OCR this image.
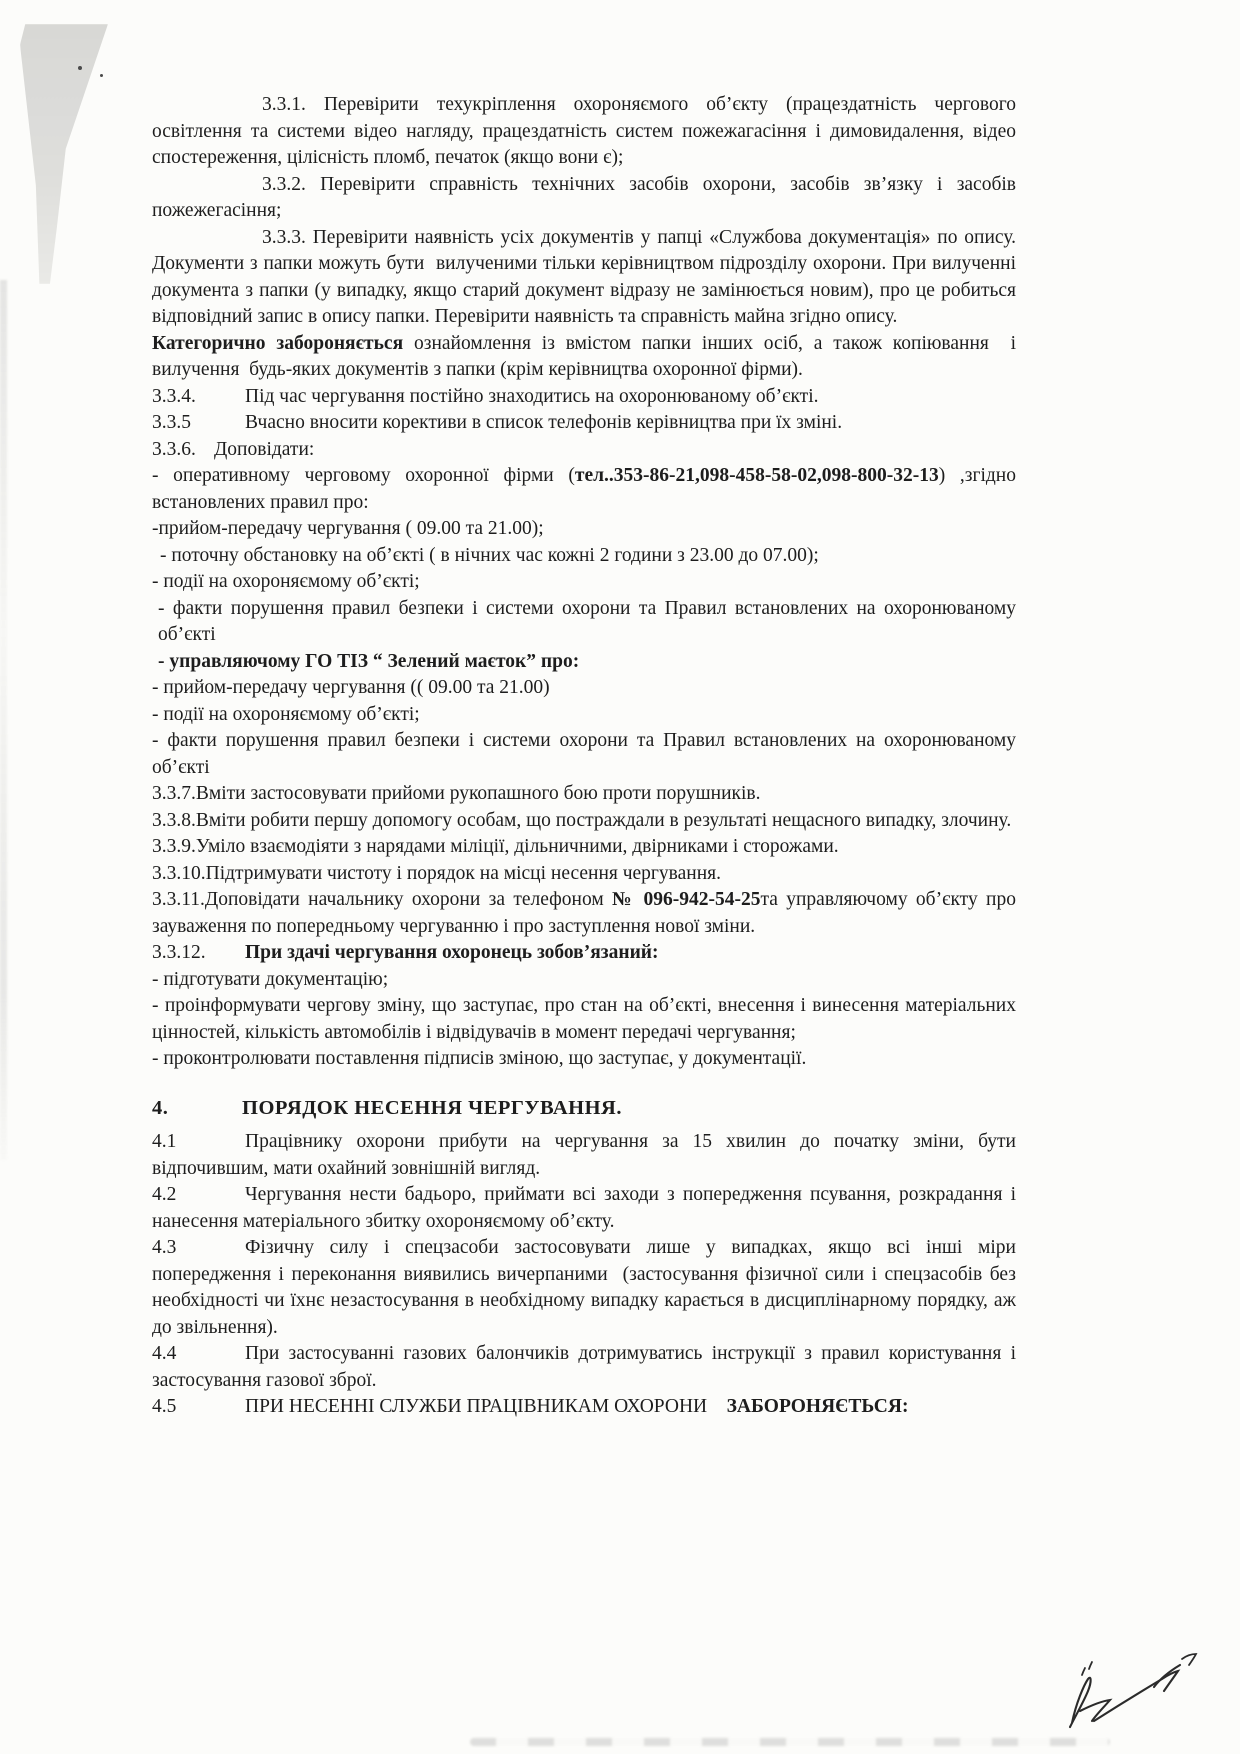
3.3.1. Перевірити техукріплення охороняємого об’єкту (працездатність чергового освітлення та системи відео нагляду, працездатність систем пожежагасіння і димовидалення, відео спостереження, цілісність пломб, печаток (якщо вони є);

3.3.2. Перевірити справність технічних засобів охорони, засобів зв’язку і засобів пожежегасіння;

3.3.3. Перевірити наявність усіх документів у папці «Службова документація» по опису. Документи з папки можуть бути  вилученими тільки керівництвом підрозділу охорони. При вилученні документа з папки (у випадку, якщо старий документ відразу не замінюється новим), про це робиться відповідний запис в опису папки. Перевірити наявність та справність майна згідно опису.

Категорично забороняється ознайомлення із вмістом папки інших осіб, а також копіювання  і вилучення  будь-яких документів з папки (крім керівництва охоронної фірми).

3.3.4.	Під час чергування постійно знаходитись на охоронюваному об’єкті.

3.3.5	Вчасно вносити корективи в список телефонів керівництва при їх зміні.

3.3.6. Доповідати:

- оперативному черговому охоронної фірми (тел..353-86-21,098-458-58-02,098-800-32-13) ,згідно встановлених правил про:

-прийом-передачу чергування ( 09.00 та 21.00);

- поточну обстановку на об’єкті ( в нічних час кожні 2 години з 23.00 до 07.00);

- події на охороняємому об’єкті;

- факти порушення правил безпеки і системи охорони та Правил встановлених на охоронюваному об’єкті

- управляючому ГО ТІЗ “ Зелений маєток” про:

- прийом-передачу чергування (( 09.00 та 21.00)

- події на охороняємому об’єкті;

- факти порушення правил безпеки і системи охорони та Правил встановлених на охоронюваному об’єкті

3.3.7.Вміти застосовувати прийоми рукопашного бою проти порушників.

3.3.8.Вміти робити першу допомогу особам, що постраждали в результаті нещасного випадку, злочину.

3.3.9.Уміло взаємодіяти з нарядами міліції, дільничними, двірниками і сторожами.

3.3.10.Підтримувати чистоту і порядок на місці несення чергування.

3.3.11.Доповідати начальнику охорони за телефоном № 096-942-54-25та управляючому об’єкту про зауваження по попередньому чергуванню і про заступлення нової зміни.

3.3.12. При здачі чергування охоронець зобов’язаний:

- підготувати документацію;

- проінформувати чергову зміну, що заступає, про стан на об’єкті, внесення і винесення матеріальних цінностей, кількість автомобілів і відвідувачів в момент передачі чергування;

- проконтролювати поставлення підписів зміною, що заступає, у документації.

4.	ПОРЯДОК НЕСЕННЯ ЧЕРГУВАННЯ.

4.1	Працівнику охорони прибути на чергування за 15 хвилин до початку зміни, бути відпочившим, мати охайний зовнішній вигляд.

4.2	Чергування нести бадьоро, приймати всі заходи з попередження псування, розкрадання і нанесення матеріального збитку охороняємому об’єкту.

4.3	Фізичну силу і спецзасоби застосовувати лише у випадках, якщо всі інші міри попередження і переконання виявились вичерпаними  (застосування фізичної сили і спецзасобів без необхідності чи їхнє незастосування в необхідному випадку карається в дисциплінарному порядку, аж до звільнення).

4.4	При застосуванні газових балончиків дотримуватись інструкції з правил користування і застосування газової зброї.

4.5	ПРИ НЕСЕННІ СЛУЖБИ ПРАЦІВНИКАМ ОХОРОНИ    ЗАБОРОНЯЄТЬСЯ:
